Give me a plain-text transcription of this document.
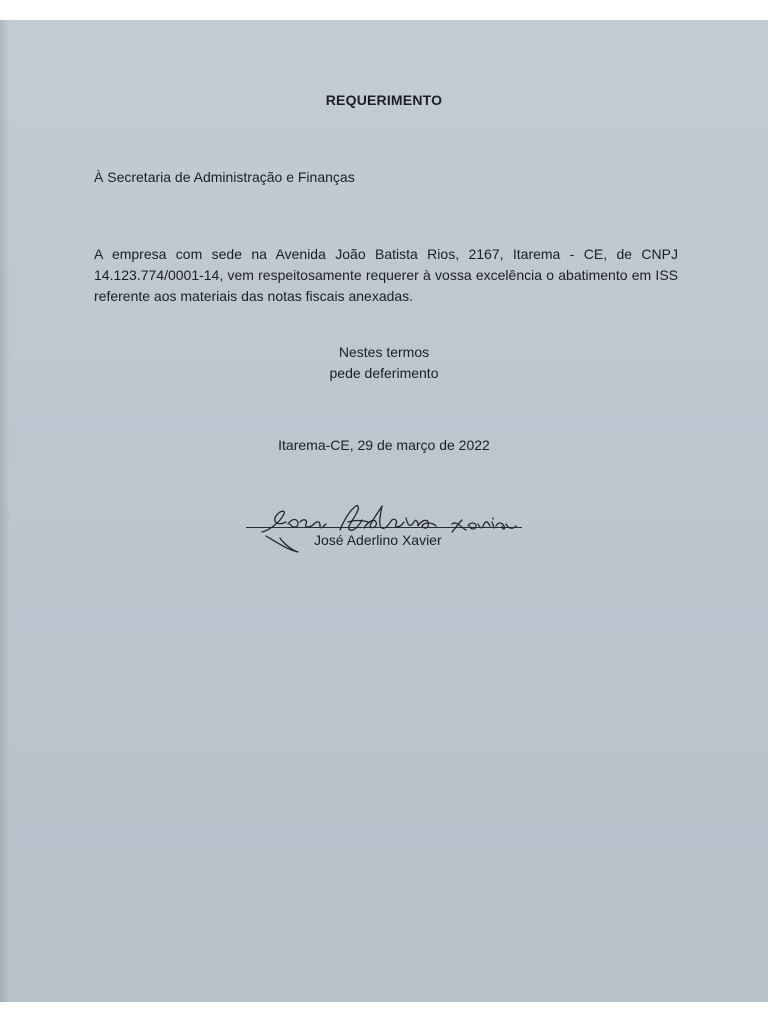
REQUERIMENTO
À Secretaria de Administração e Finanças
A empresa com sede na Avenida João Batista Rios, 2167, Itarema - CE, de CNPJ 14.123.774/0001-14, vem respeitosamente requerer à vossa excelência o abatimento em ISS referente aos materiais das notas fiscais anexadas.
Nestes termos
pede deferimento
Itarema-CE, 29 de março de 2022
José Aderlino Xavier
José Aderlino Xavier
